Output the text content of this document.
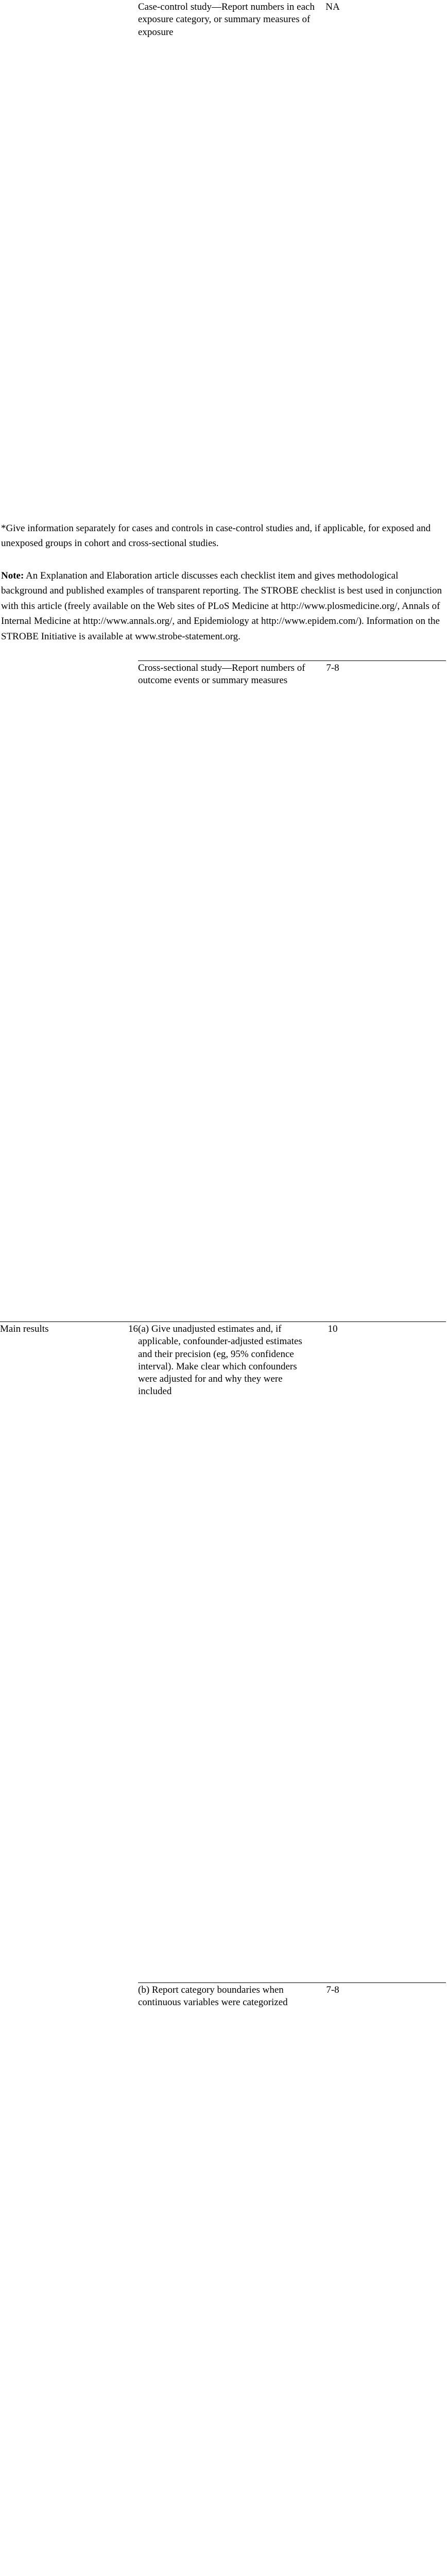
		Case-control study—Report numbers in each exposure category, or summary measures of exposure	NA
		Cross-sectional study—Report numbers of outcome events or summary measures	7-8
Main results	16	(a) Give unadjusted estimates and, if applicable, confounder-adjusted estimates and their precision (eg, 95% confidence interval). Make clear which confounders were adjusted for and why they were included	10
		(b) Report category boundaries when continuous variables were categorized	7-8

*Give information separately for cases and controls in case-control studies and, if applicable, for exposed and unexposed groups in cohort and cross-sectional studies.

Note: An Explanation and Elaboration article discusses each checklist item and gives methodological background and published examples of transparent reporting. The STROBE checklist is best used in conjunction with this article (freely available on the Web sites of PLoS Medicine at http://www.plosmedicine.org/, Annals of Internal Medicine at http://www.annals.org/, and Epidemiology at http://www.epidem.com/). Information on the STROBE Initiative is available at www.strobe-statement.org.
